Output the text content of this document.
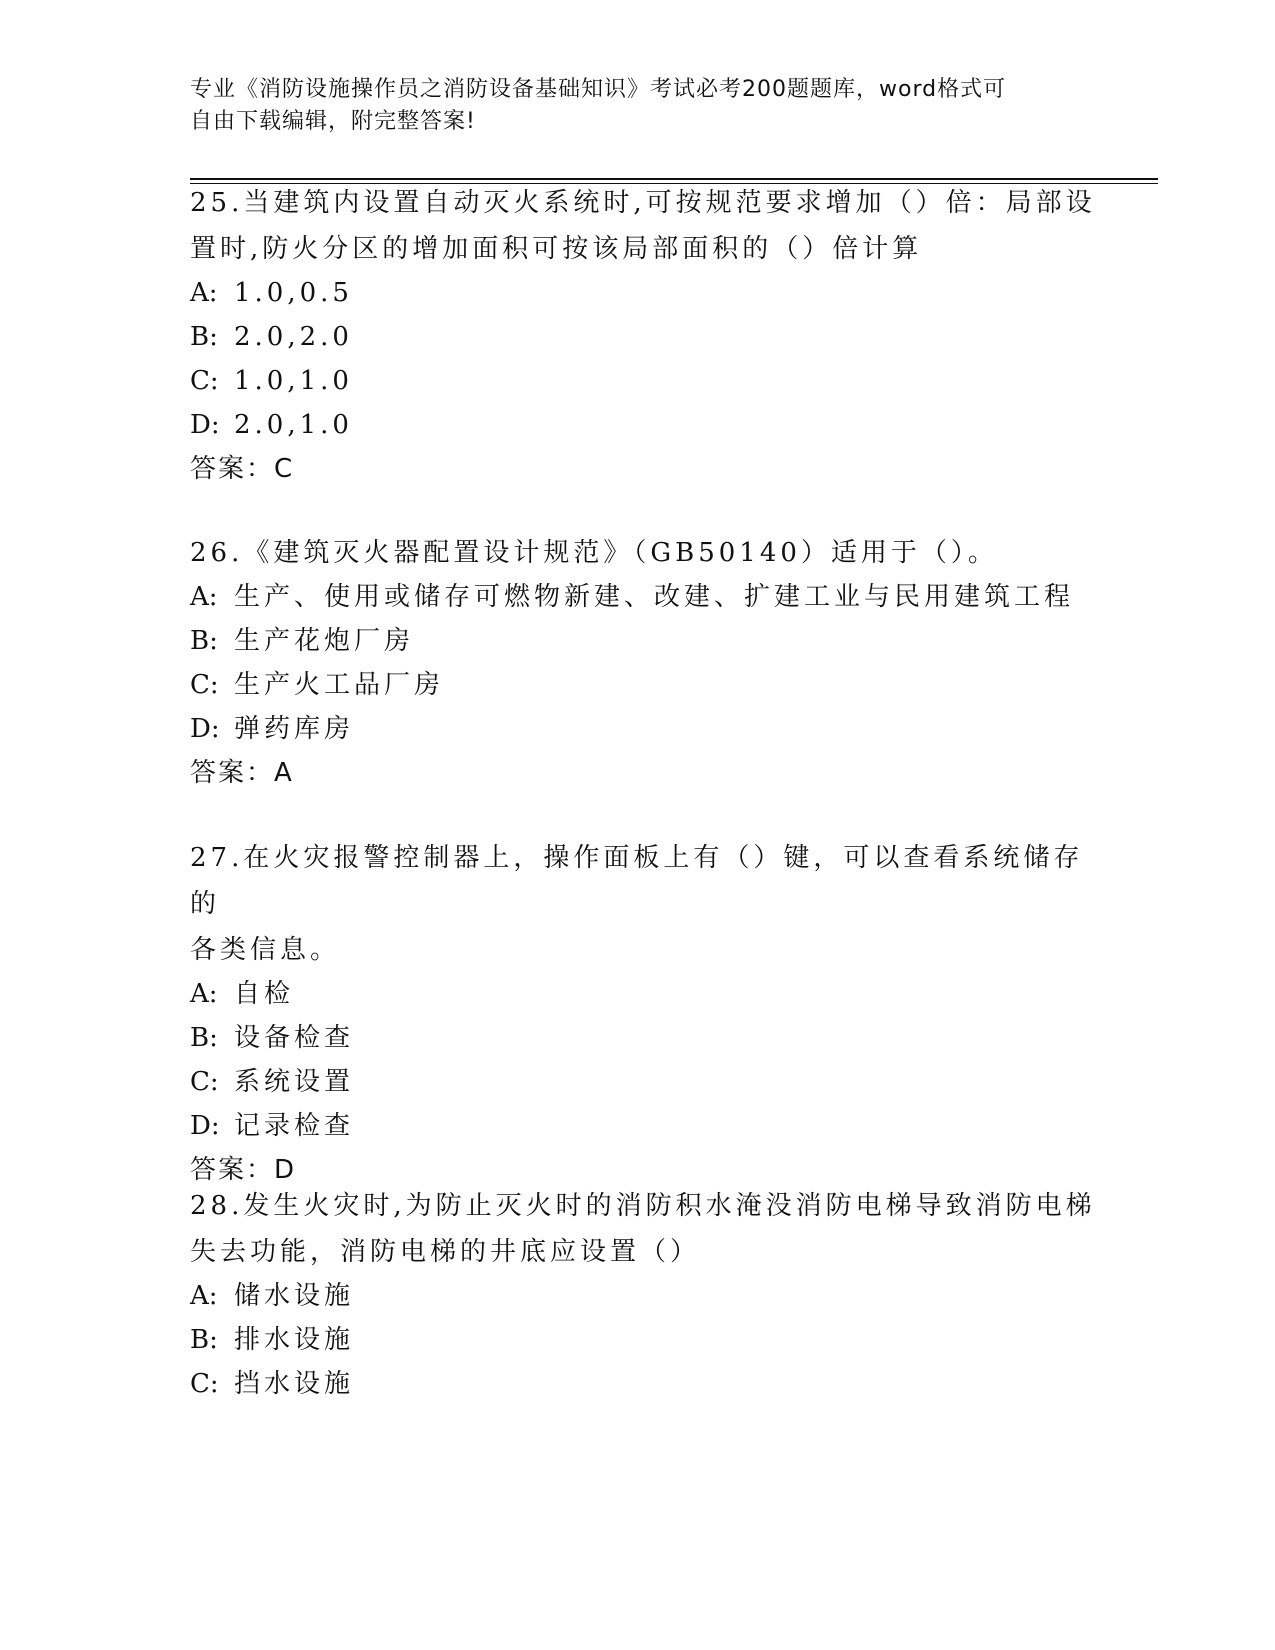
专业《消防设施操作员之消防设备基础知识》考试必考200题题库，word格式可
自由下载编辑，附完整答案!
25.当建筑内设置自动灭火系统时,可按规范要求增加（）倍：局部设
置时,防火分区的增加面积可按该局部面积的（）倍计算
A: 1.0,0.5
B: 2.0,2.0
C: 1.0,1.0
D: 2.0,1.0
答案： C
26.《建筑灭火器配置设计规范》（GB50140）适用于（）。
A: 生产、使用或储存可燃物新建、改建、扩建工业与民用建筑工程
B: 生产花炮厂房
C: 生产火工品厂房
D: 弹药库房
答案： A
27.在火灾报警控制器上，操作面板上有（）键，可以查看系统储存的
各类信息。
A: 自检
B: 设备检查
C: 系统设置
D: 记录检查
答案： D
28.发生火灾时,为防止灭火时的消防积水淹没消防电梯导致消防电梯
失去功能，消防电梯的井底应设置（）
A: 储水设施
B: 排水设施
C: 挡水设施
